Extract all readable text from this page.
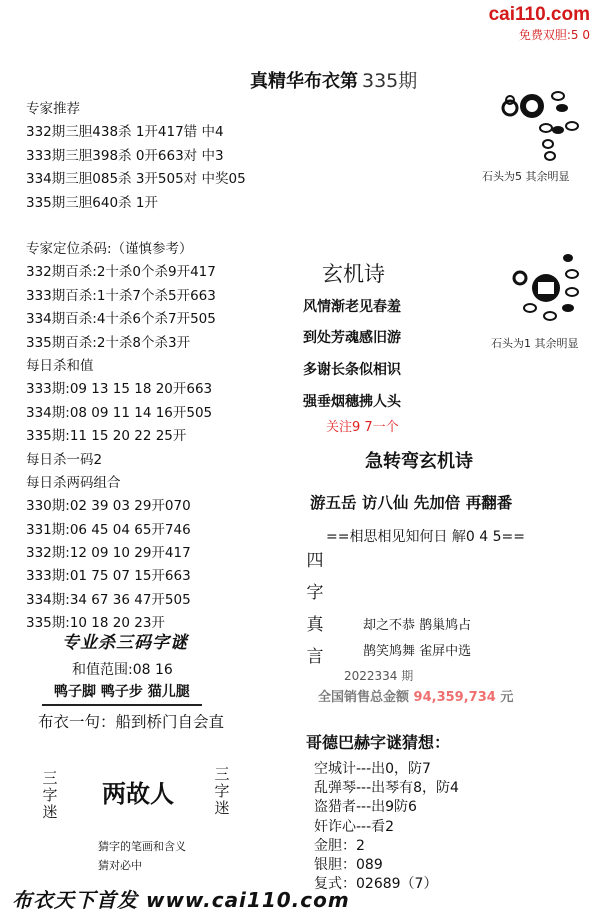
cai110.com
免费双胆:5 0
真精华布衣第 335期
专家推荐
332期三胆438杀 1开417错 中4
333期三胆398杀 0开663对 中3
334期三胆085杀 3开505对 中奖05
335期三胆640杀 1开
专家定位杀码:（谨慎参考）
332期百杀:2十杀0个杀9开417
333期百杀:1十杀7个杀5开663
334期百杀:4十杀6个杀7开505
335期百杀:2十杀8个杀3开
每日杀和值
333期:09 13 15 18 20开663
334期:08 09 11 14 16开505
335期:11 15 20 22 25开
每日杀一码2
每日杀两码组合
330期:02 39 03 29开070
331期:06 45 04 65开746
332期:12 09 10 29开417
333期:01 75 07 15开663
334期:34 67 36 47开505
335期:10 18 20 23开
专业杀三码字谜
和值范围:08 16
鸭子脚 鸭子步 猫儿腿
布衣一句：船到桥门自会直
三字迷
两故人
三字迷
猜字的笔画和含义
猜对必中
布衣天下首发 www.cai110.com
石头为5 其余明显
石头为1 其余明显
玄机诗
风情渐老见春羞
到处芳魂感旧游
多谢长条似相识
强垂烟穗拂人头
关注9 7一个
急转弯玄机诗
游五岳 访八仙 先加倍 再翻番
==相思相见知何日 解0 4 5==
四
字
真
言
却之不恭 鹊巢鸠占
鹊笑鸠舞 雀屏中选
2022334 期
全国销售总金额 94,359,734 元
哥德巴赫字谜猜想：
空城计---出0，防7
乱弹琴---出琴有8，防4
盗猎者---出9防6
奸诈心---看2
金胆：2
银胆：089
复式：02689（7）
